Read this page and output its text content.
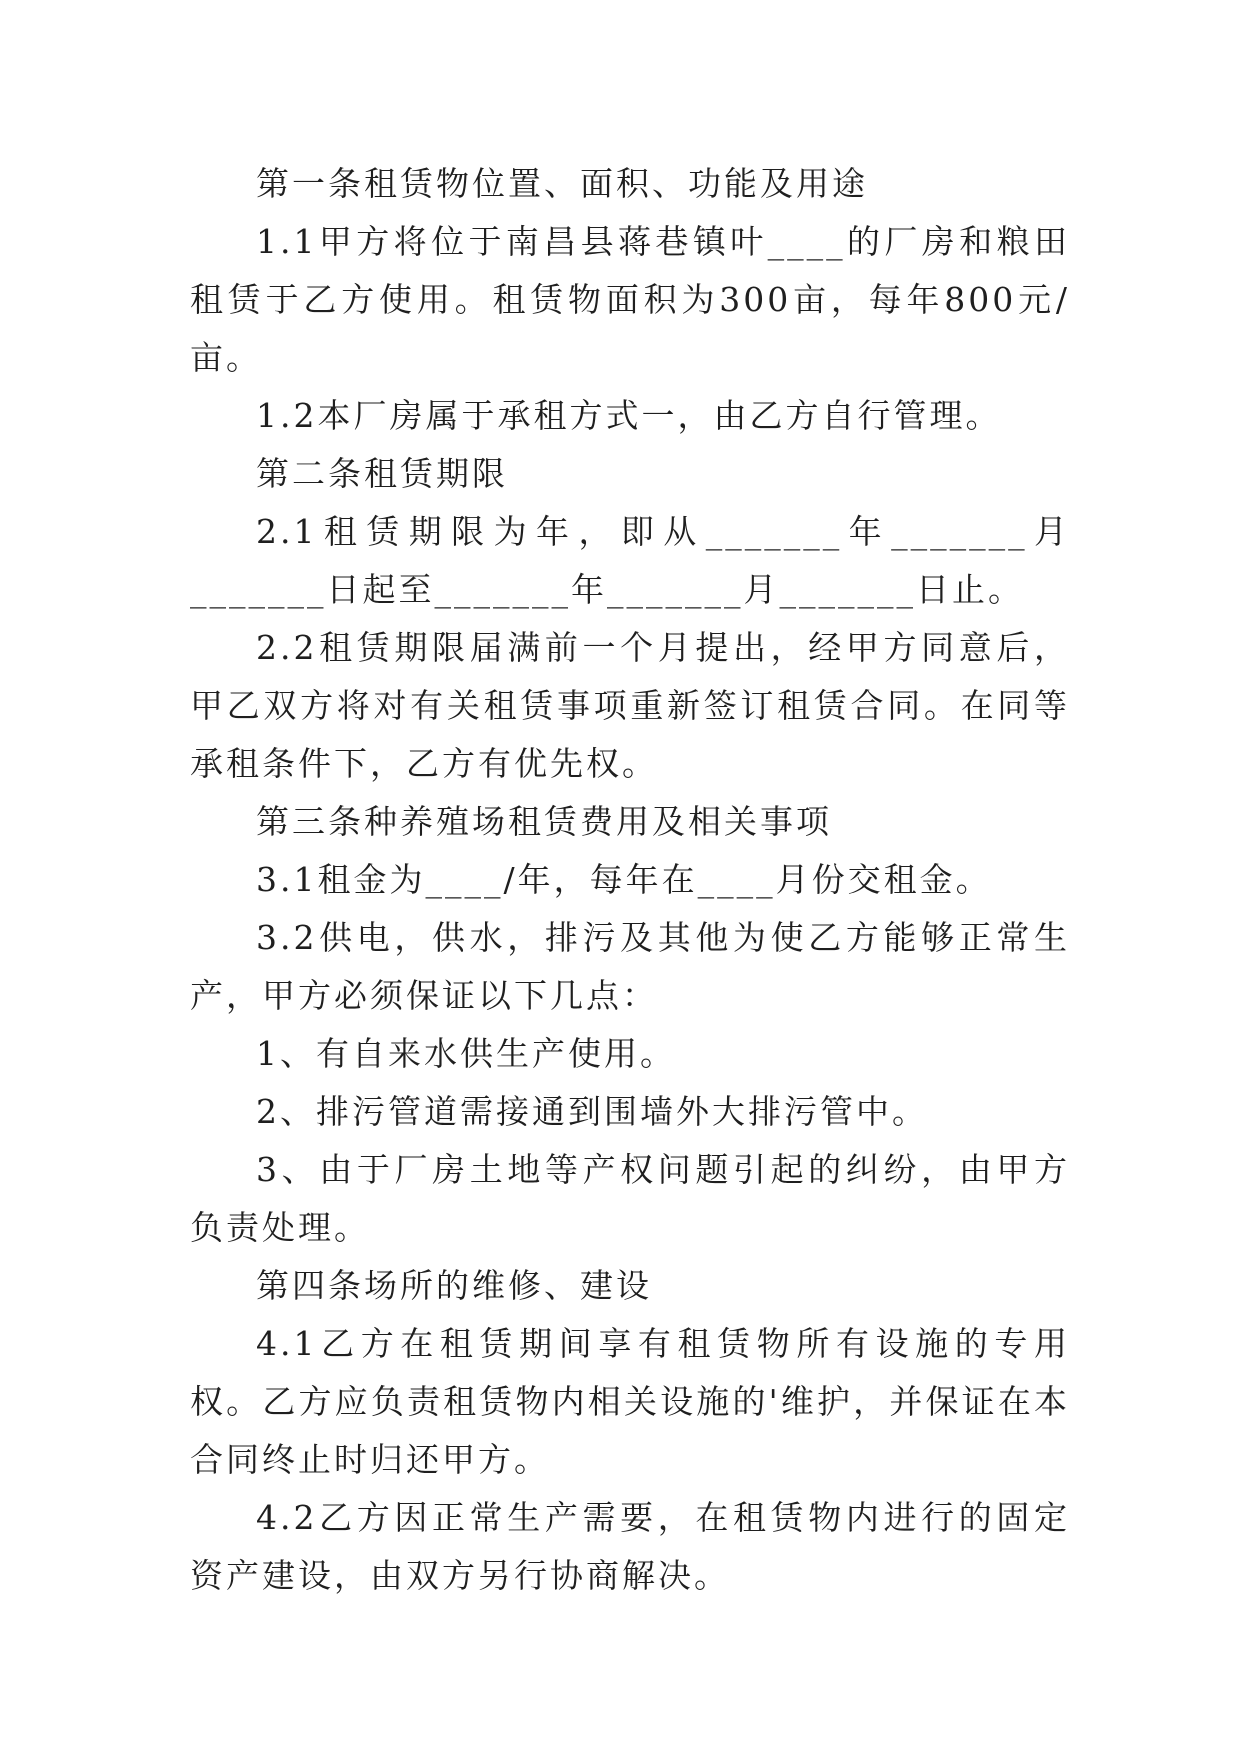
第一条租赁物位置、面积、功能及用途

1.1甲方将位于南昌县蒋巷镇叶____的厂房和粮田租赁于乙方使用。租赁物面积为300亩，每年800元/亩。

1.2本厂房属于承租方式一，由乙方自行管理。

第二条租赁期限

2.1租赁期限为年，即从_______年_______月_______日起至_______年_______月_______日止。

2.2租赁期限届满前一个月提出，经甲方同意后，甲乙双方将对有关租赁事项重新签订租赁合同。在同等承租条件下，乙方有优先权。

第三条种养殖场租赁费用及相关事项

3.1租金为____/年，每年在____月份交租金。

3.2供电，供水，排污及其他为使乙方能够正常生产，甲方必须保证以下几点：

1、有自来水供生产使用。

2、排污管道需接通到围墙外大排污管中。

3、由于厂房土地等产权问题引起的纠纷，由甲方负责处理。

第四条场所的维修、建设

4.1乙方在租赁期间享有租赁物所有设施的专用权。乙方应负责租赁物内相关设施的'维护，并保证在本合同终止时归还甲方。

4.2乙方因正常生产需要，在租赁物内进行的固定资产建设，由双方另行协商解决。
